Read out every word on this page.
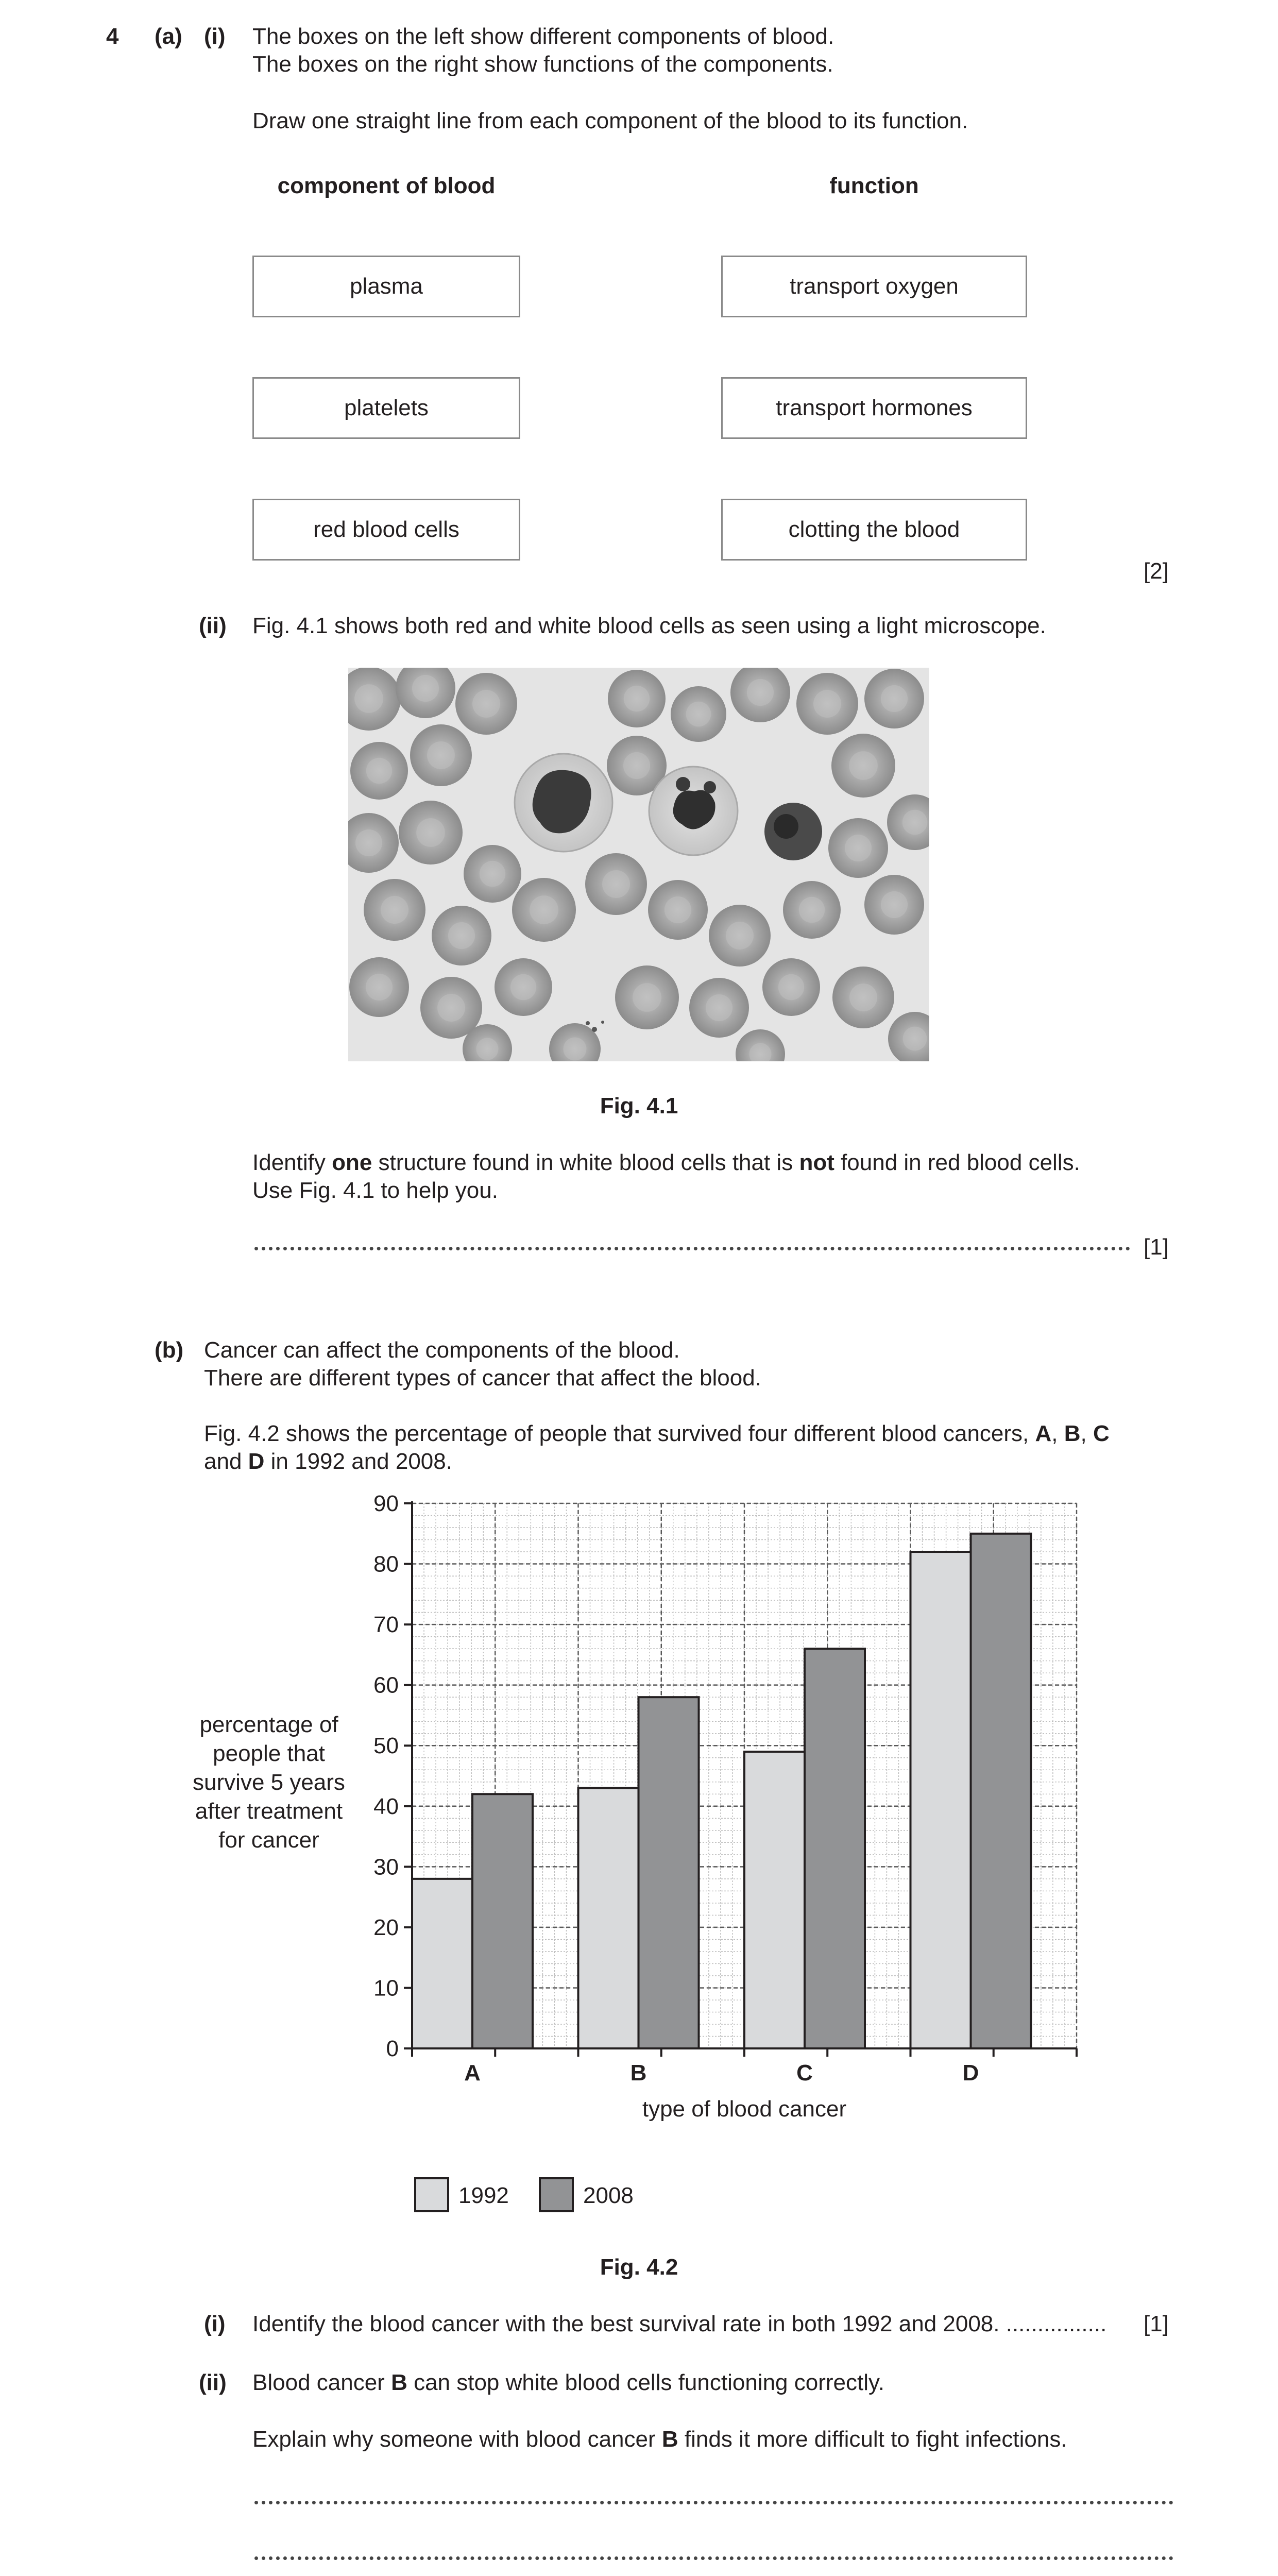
4 (a) (i) The boxes on the left show different components of blood.
The boxes on the right show functions of the components.
Draw one straight line from each component of the blood to its function.
component of blood	function
plasma
platelets
red blood cells
transport oxygen
transport hormones
clotting the blood
[2]
(ii) Fig. 4.1 shows both red and white blood cells as seen using a light microscope.
Fig. 4.1
Identify one structure found in white blood cells that is not found in red blood cells.
Use Fig. 4.1 to help you.
[1]
(b) Cancer can affect the components of the blood.
There are different types of cancer that affect the blood.
Fig. 4.2 shows the percentage of people that survived four different blood cancers, A, B, C
and D in 1992 and 2008.
A	B	C	D
0
10
20
30
40
50
60
70
80
90
type of blood cancer
percentage of
people that
survive 5 years
after treatment
for cancer
1992	2008
Fig. 4.2
(i) Identify the blood cancer with the best survival rate in both 1992 and 2008. ................ [1]
(ii) Blood cancer B can stop white blood cells functioning correctly.
Explain why someone with blood cancer B finds it more difficult to fight infections.
